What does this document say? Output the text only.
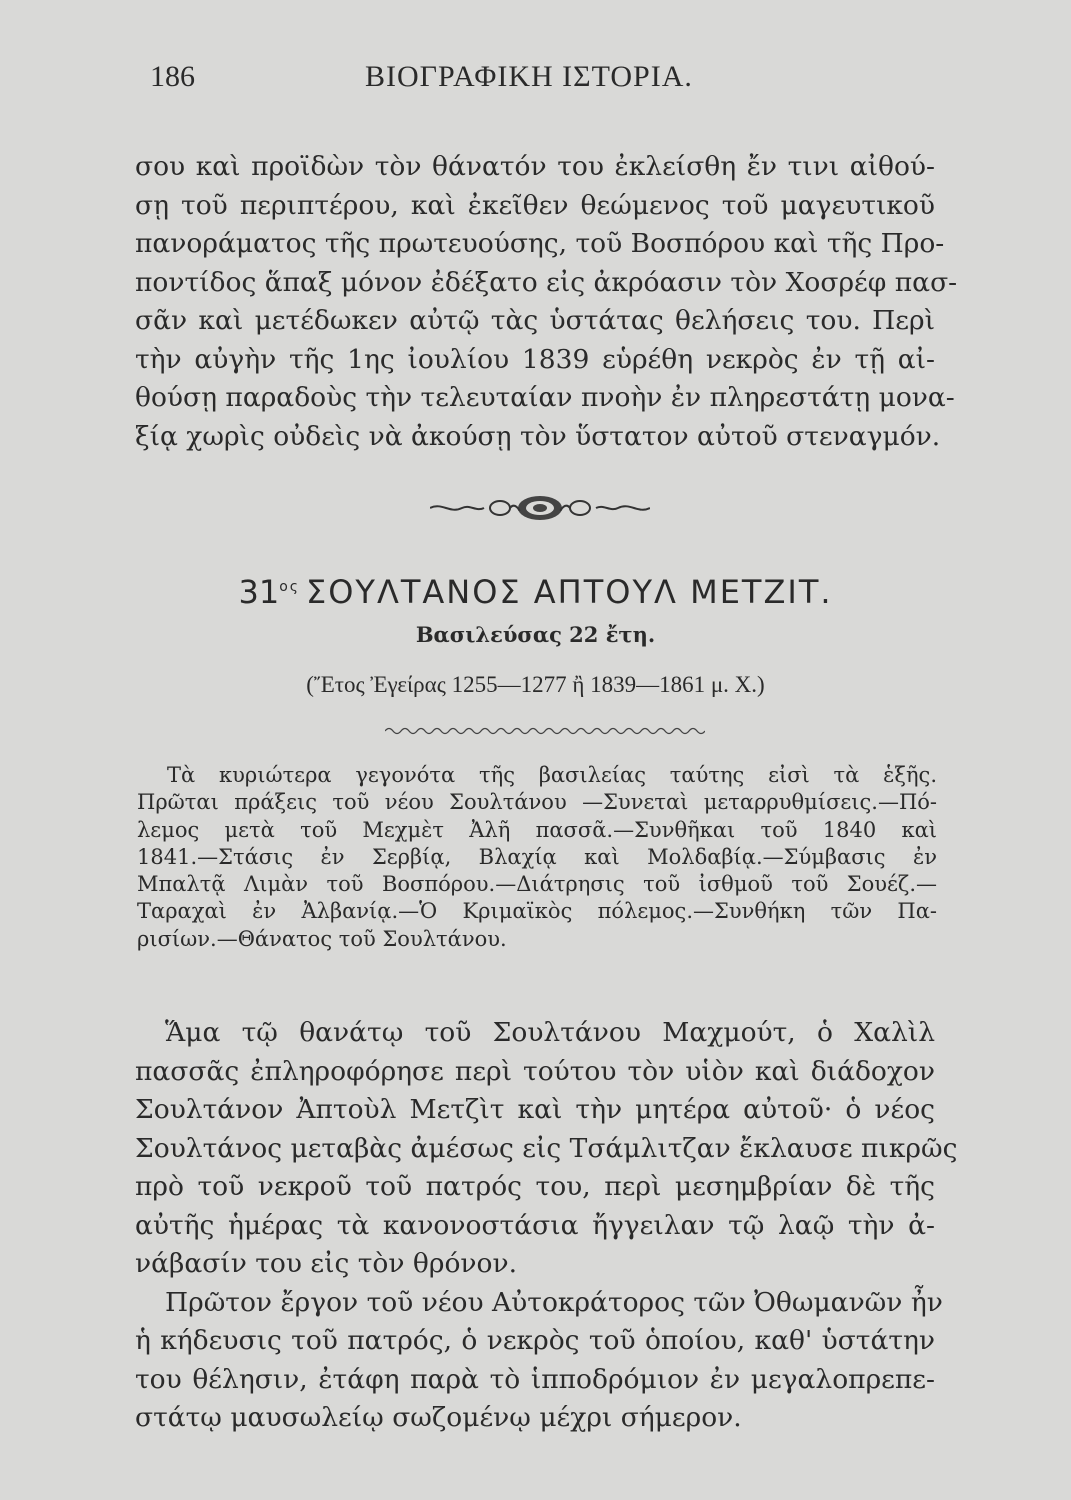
186	ΒΙΟΓΡΑΦΙΚΗ ΙΣΤΟΡΙΑ.
σου καὶ προϊδὼν τὸν θάνατόν του ἐκλείσθη ἔν τινι αἰθού-
σῃ τοῦ περιπτέρου, καὶ ἐκεῖθεν θεώμενος τοῦ μαγευτικοῦ
πανοράματος τῆς πρωτευούσης, τοῦ Βοσπόρου καὶ τῆς Προ-
ποντίδος ἅπαξ μόνον ἐδέξατο εἰς ἀκρόασιν τὸν Χοσρέφ πασ-
σᾶν καὶ μετέδωκεν αὐτῷ τὰς ὑστάτας θελήσεις του. Περὶ
τὴν αὐγὴν τῆς 1ης ἰουλίου 1839 εὑρέθη νεκρὸς ἐν τῇ αἰ-
θούσῃ παραδοὺς τὴν τελευταίαν πνοὴν ἐν πληρεστάτῃ μονα-
ξίᾳ χωρὶς οὐδεὶς νὰ ἀκούσῃ τὸν ὕστατον αὐτοῦ στεναγμόν.
$31^{o\varsigma}$ ΣΟΥΛΤΑΝΟΣ ΑΠΤΟΥΛ ΜΕΤΖΙΤ.
Βασιλεύσας 22 ἔτη.
(Ἔτος Ἐγείρας 1255—1277 ἢ 1839—1861 μ. Χ.)
Τὰ κυριώτερα γεγονότα τῆς βασιλείας ταύτης εἰσὶ τὰ ἑξῆς.
Πρῶται πράξεις τοῦ νέου Σουλτάνου —Συνεταὶ μεταρρυθμίσεις.—Πό-
λεμος μετὰ τοῦ Μεχμὲτ Ἀλῆ πασσᾶ.—Συνθῆκαι τοῦ 1840 καὶ
1841.—Στάσις ἐν Σερβίᾳ, Βλαχίᾳ καὶ Μολδαβίᾳ.—Σύμβασις ἐν
Μπαλτᾷ Λιμὰν τοῦ Βοσπόρου.—Διάτρησις τοῦ ἰσθμοῦ τοῦ Σουέζ.—
Ταραχαὶ ἐν Ἀλβανίᾳ.—Ὁ Κριμαϊκὸς πόλεμος.—Συνθήκη τῶν Πα-
ρισίων.—Θάνατος τοῦ Σουλτάνου.
Ἅμα τῷ θανάτῳ τοῦ Σουλτάνου Μαχμούτ, ὁ Χαλὶλ
πασσᾶς ἐπληροφόρησε περὶ τούτου τὸν υἱὸν καὶ διάδοχον
Σουλτάνον Ἀπτοὺλ Μετζὶτ καὶ τὴν μητέρα αὐτοῦ· ὁ νέος
Σουλτάνος μεταβὰς ἀμέσως εἰς Τσάμλιτζαν ἔκλαυσε πικρῶς
πρὸ τοῦ νεκροῦ τοῦ πατρός του, περὶ μεσημβρίαν δὲ τῆς
αὐτῆς ἡμέρας τὰ κανονοστάσια ἤγγειλαν τῷ λαῷ τὴν ἀ-
νάβασίν του εἰς τὸν θρόνον.
Πρῶτον ἔργον τοῦ νέου Αὐτοκράτορος τῶν Ὀθωμανῶν ἦν
ἡ κήδευσις τοῦ πατρός, ὁ νεκρὸς τοῦ ὁποίου, καθ' ὑστάτην
του θέλησιν, ἐτάφη παρὰ τὸ ἱπποδρόμιον ἐν μεγαλοπρεπε-
στάτῳ μαυσωλείῳ σωζομένῳ μέχρι σήμερον.
